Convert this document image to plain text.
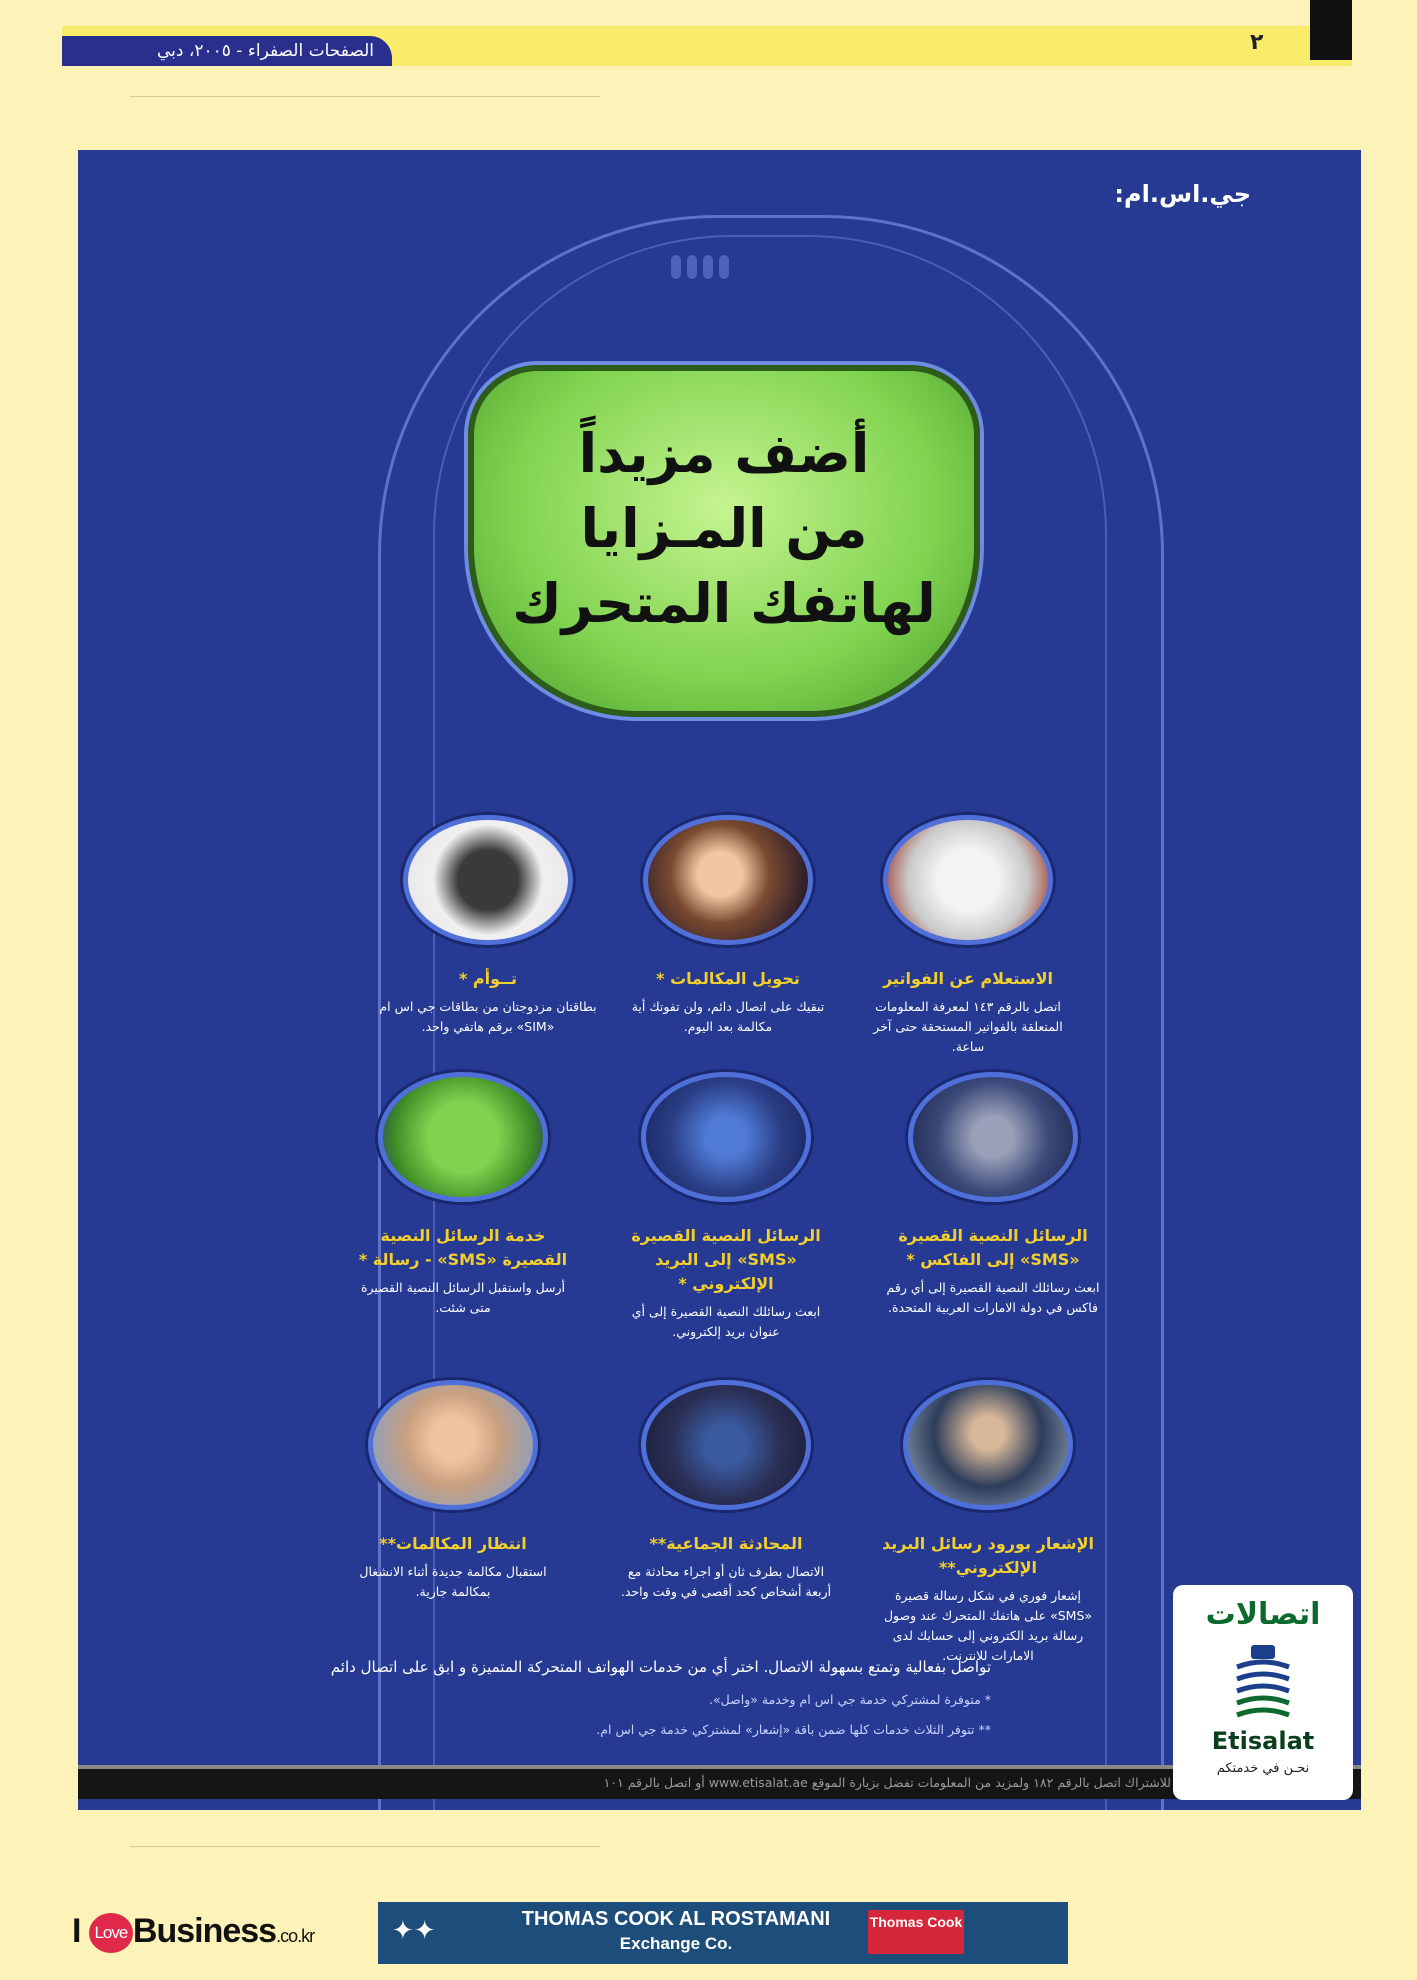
الصفحات الصفراء - ٢٠٠٥، دبي	٢
────────────────────────────────────────────────────────────
────────────────────────────────────────────────────────────
جي.اس.ام:
أضف مزيداً
من المـزايا
لهاتفك المتحرك
الاستعلام عن الفواتير
اتصل بالرقم ١٤٣ لمعرفة المعلومات المتعلقة بالفواتير المستحقة حتى آخر ساعة.
تحويل المكالمات *
تبقيك على اتصال دائم، ولن تفوتك أية مكالمة بعد اليوم.
تــوأم *
بطاقتان مزدوجتان من بطاقات جي اس ام «SIM» برقم هاتفي واحد.
الرسائل النصية القصيرة «SMS» إلى الفاكس *
ابعث رسائلك النصية القصيرة إلى أي رقم فاكس في دولة الامارات العربية المتحدة.
الرسائل النصية القصيرة «SMS» إلى البريد الإلكتروني *
ابعث رسائلك النصية القصيرة إلى أي عنوان بريد إلكتروني.
خدمة الرسائل النصية القصيرة «SMS» - رسالة *
أرسل واستقبل الرسائل النصية القصيرة متى شئت.
الإشعار بورود رسائل البريد الإلكتروني**
إشعار فوري في شكل رسالة قصيرة «SMS» على هاتفك المتحرك عند وصول رسالة بريد الكتروني إلى حسابك لدى الامارات للانترنت.
المحادثة الجماعية**
الاتصال بطرف ثان أو اجراء محادثة مع أربعة أشخاص كحد أقصى في وقت واحد.
انتظار المكالمات**
استقبال مكالمة جديدة أثناء الانشغال بمكالمة جارية.
تواصل بفعالية وتمتع بسهولة الاتصال. اختر أي من خدمات الهواتف المتحركة المتميزة و ابق على اتصال دائم
* متوفرة لمشتركي خدمة جي اس ام وخدمة «واصل».
** تتوفر الثلاث خدمات كلها ضمن باقة «إشعار» لمشتركي خدمة جي اس ام.
للاشتراك اتصل بالرقم ١٨٢ ولمزيد من المعلومات تفضل بزيارة الموقع www.etisalat.ae أو اتصل بالرقم ١٠١
اتصالات
Etisalat
نحـن في خدمتكم
I Love Business.co.kr	✦✦	THOMAS COOK AL ROSTAMANI
Exchange Co.
Thomas Cook
